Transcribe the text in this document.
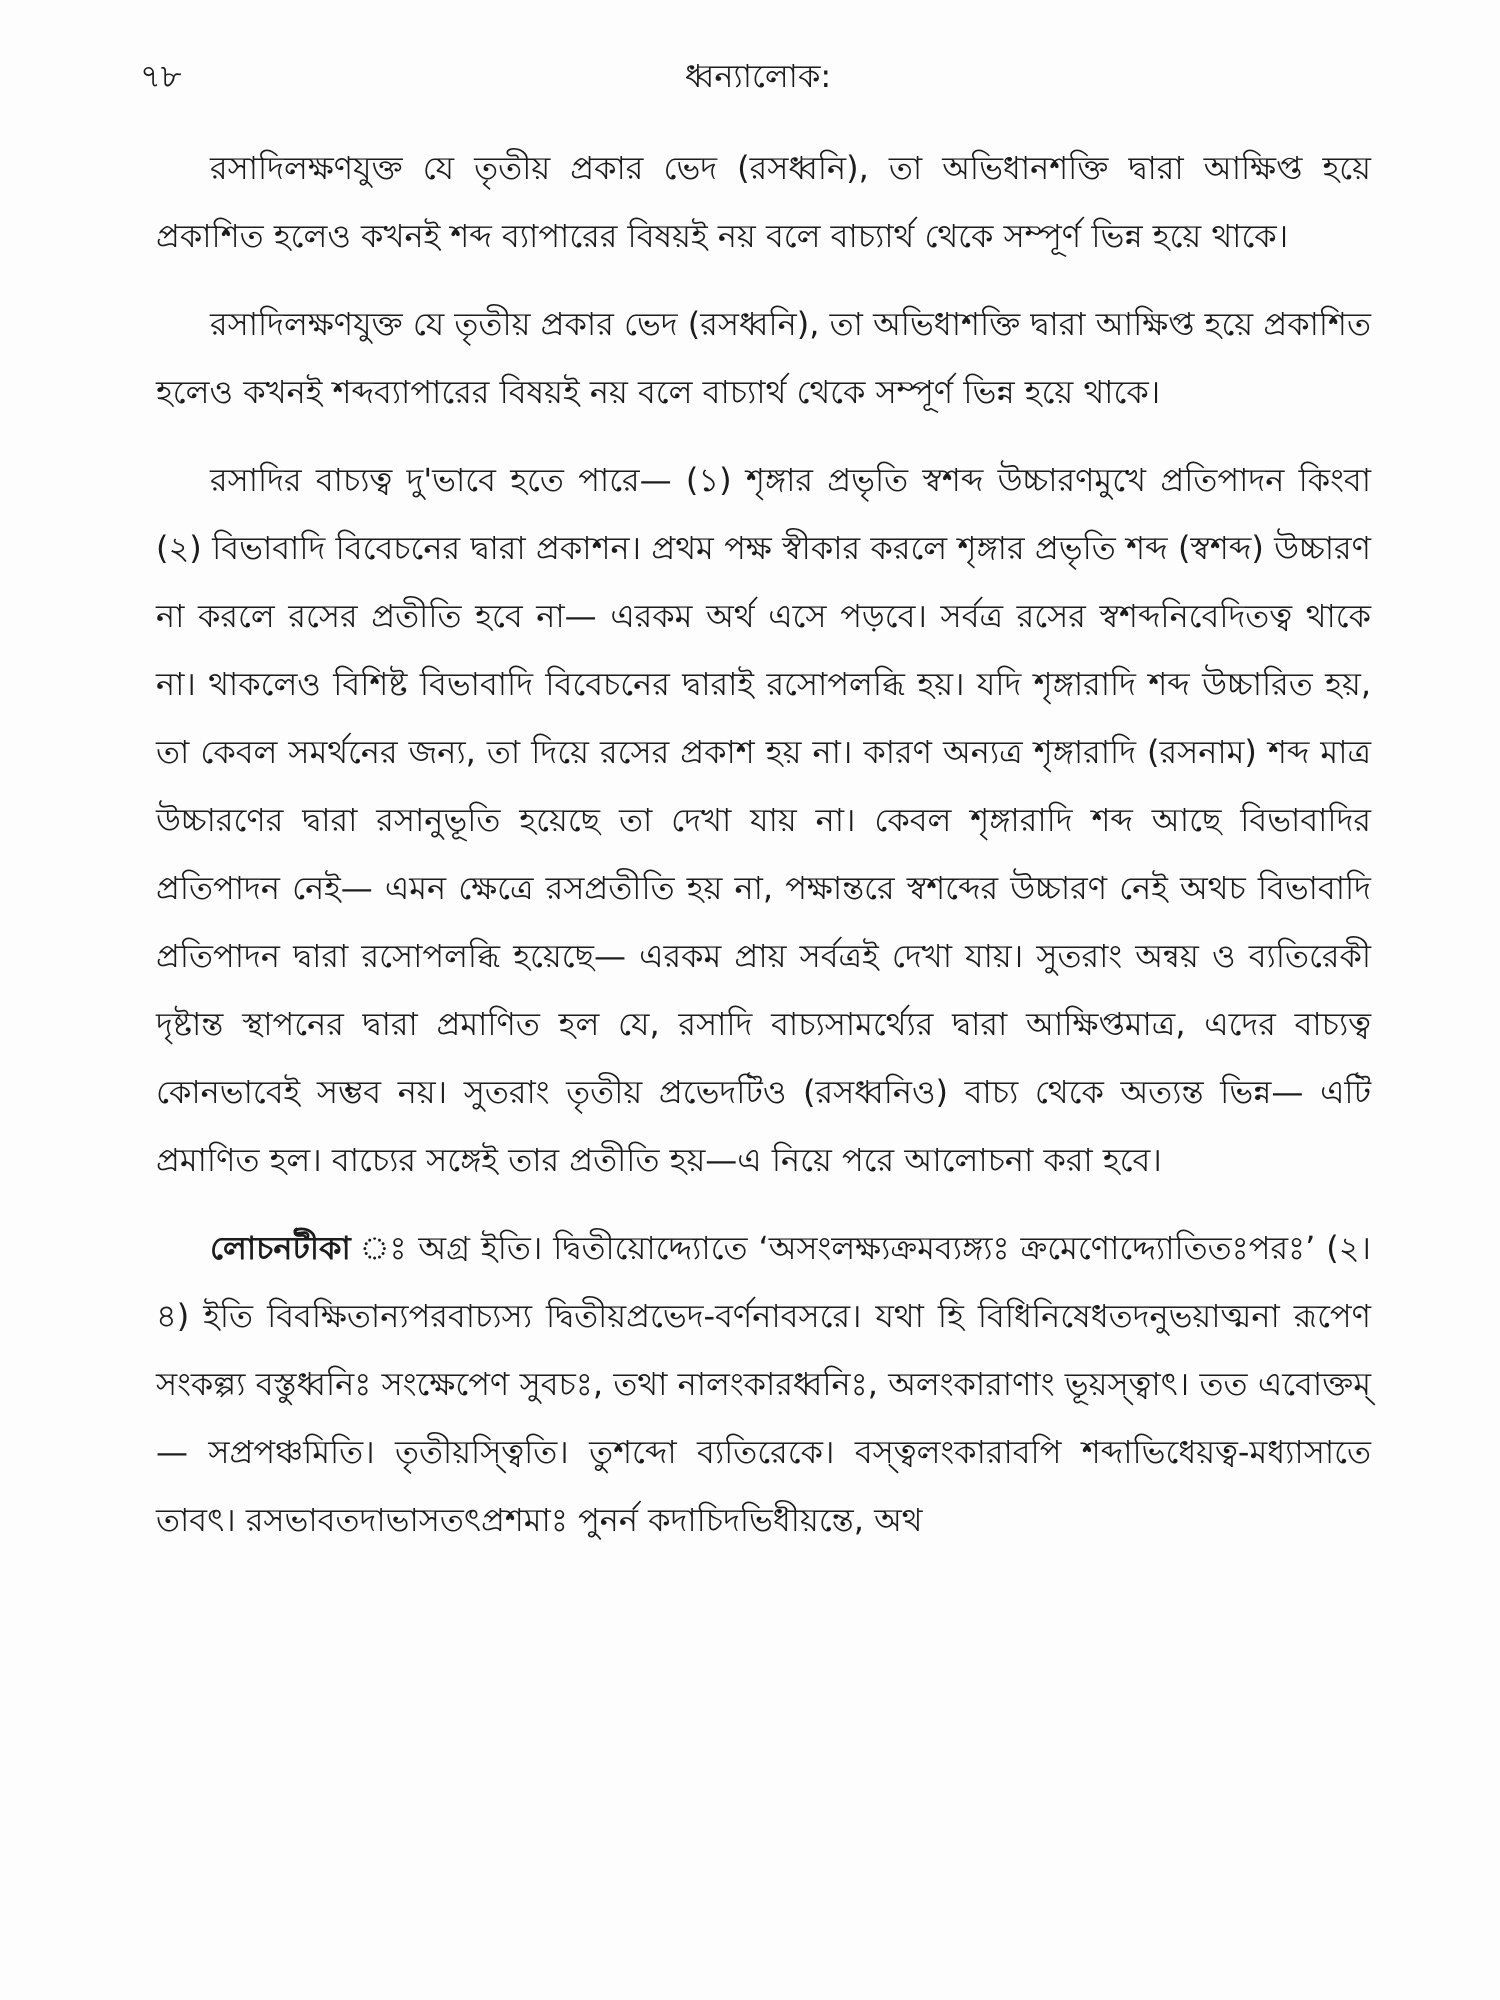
৭৮	ধ্বন্যালোক:

রসাদিলক্ষণযুক্ত যে তৃতীয় প্রকার ভেদ (রসধ্বনি), তা অভিধানশক্তি দ্বারা আক্ষিপ্ত হয়ে প্রকাশিত হলেও কখনই শব্দ ব্যাপারের বিষয়ই নয় বলে বাচ্যার্থ থেকে সম্পূর্ণ ভিন্ন হয়ে থাকে।

রসাদিলক্ষণযুক্ত যে তৃতীয় প্রকার ভেদ (রসধ্বনি), তা অভিধাশক্তি দ্বারা আক্ষিপ্ত হয়ে প্রকাশিত হলেও কখনই শব্দব্যাপারের বিষয়ই নয় বলে বাচ্যার্থ থেকে সম্পূর্ণ ভিন্ন হয়ে থাকে।

রসাদির বাচ্যত্ব দু'ভাবে হতে পারে— (১) শৃঙ্গার প্রভৃতি স্বশব্দ উচ্চারণমুখে প্রতিপাদন কিংবা (২) বিভাবাদি বিবেচনের দ্বারা প্রকাশন। প্রথম পক্ষ স্বীকার করলে শৃঙ্গার প্রভৃতি শব্দ (স্বশব্দ) উচ্চারণ না করলে রসের প্রতীতি হবে না— এরকম অর্থ এসে পড়বে। সর্বত্র রসের স্বশব্দনিবেদিতত্ব থাকে না। থাকলেও বিশিষ্ট বিভাবাদি বিবেচনের দ্বারাই রসোপলব্ধি হয়। যদি শৃঙ্গারাদি শব্দ উচ্চারিত হয়, তা কেবল সমর্থনের জন্য, তা দিয়ে রসের প্রকাশ হয় না। কারণ অন্যত্র শৃঙ্গারাদি (রসনাম) শব্দ মাত্র উচ্চারণের দ্বারা রসানুভূতি হয়েছে তা দেখা যায় না। কেবল শৃঙ্গারাদি শব্দ আছে বিভাবাদির প্রতিপাদন নেই— এমন ক্ষেত্রে রসপ্রতীতি হয় না, পক্ষান্তরে স্বশব্দের উচ্চারণ নেই অথচ বিভাবাদি প্রতিপাদন দ্বারা রসোপলব্ধি হয়েছে— এরকম প্রায় সর্বত্রই দেখা যায়। সুতরাং অন্বয় ও ব্যতিরেকী দৃষ্টান্ত স্থাপনের দ্বারা প্রমাণিত হল যে, রসাদি বাচ্যসামর্থ্যের দ্বারা আক্ষিপ্তমাত্র, এদের বাচ্যত্ব কোনভাবেই সম্ভব নয়। সুতরাং তৃতীয় প্রভেদটিও (রসধ্বনিও) বাচ্য থেকে অত্যন্ত ভিন্ন— এটি প্রমাণিত হল। বাচ্যের সঙ্গেই তার প্রতীতি হয়—এ নিয়ে পরে আলোচনা করা হবে।

লোচনটীকা ঃ অগ্র ইতি। দ্বিতীয়োদ্দ্যোতে ‘অসংলক্ষ্যক্রমব্যঙ্গ্যঃ ক্রমেণোদ্দ্যোতিতঃপরঃ’ (২।৪) ইতি বিবক্ষিতান্যপরবাচ্যস্য দ্বিতীয়প্রভেদ-বর্ণনাবসরে। যথা হি বিধিনিষেধতদনুভয়াত্মনা রূপেণ সংকল্প্য বস্তুধ্বনিঃ সংক্ষেপেণ সুবচঃ, তথা নালংকারধ্বনিঃ, অলংকারাণাং ভূয়স্ত্বাৎ। তত এবোক্তম্— সপ্রপঞ্চমিতি। তৃতীয়স্ত্বিতি। তুশব্দো ব্যতিরেকে। বস্ত্বলংকারাবপি শব্দাভিধেয়ত্ব-মধ্যাসাতে তাবৎ। রসভাবতদাভাসতৎপ্রশমাঃ পুনর্ন কদাচিদভিধীয়ন্তে, অথ
